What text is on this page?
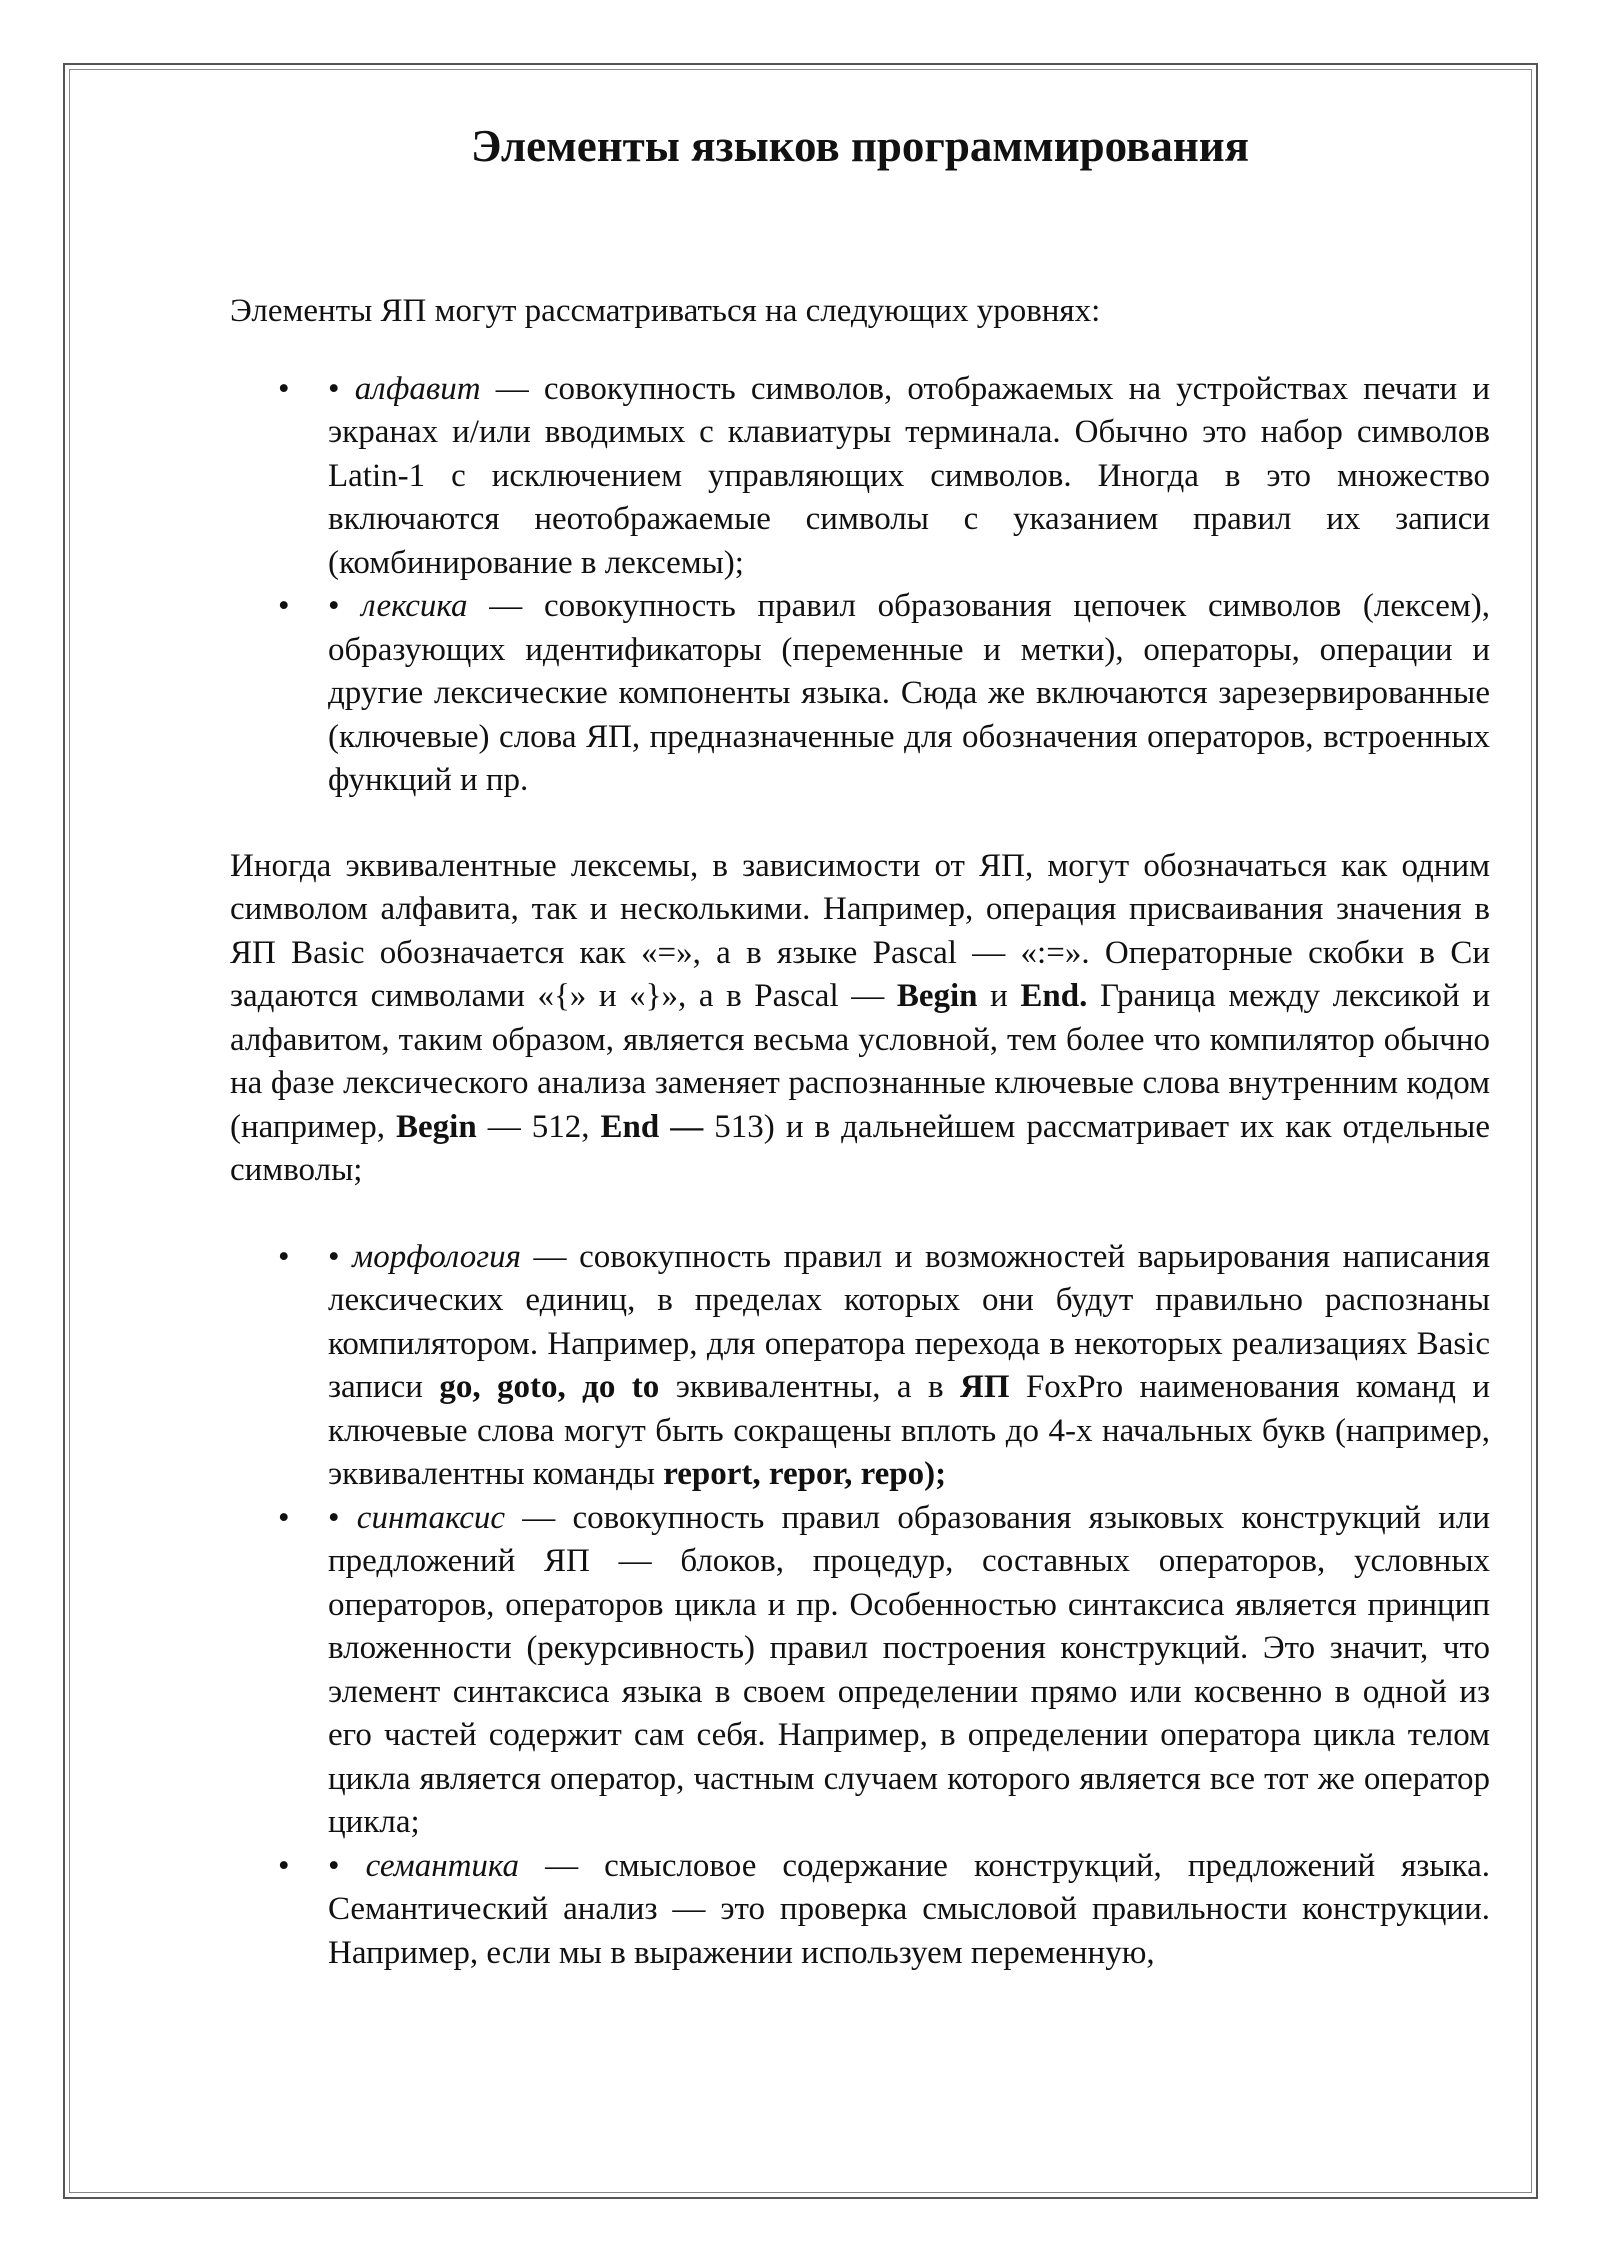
Элементы языков программирования

Элементы ЯП могут рассматриваться на следующих уровнях:

• • алфавит — совокупность символов, отображаемых на устройствах печати и экранах и/или вводимых с клавиатуры терминала. Обычно это набор символов Latin-1 с исключением управляющих символов. Иногда в это множество включаются неотображаемые символы с указанием правил их записи (комбинирование в лексемы);
• • лексика — совокупность правил образования цепочек символов (лексем), образующих идентификаторы (переменные и метки), операторы, операции и другие лексические компоненты языка. Сюда же включаются зарезервированные (ключевые) слова ЯП, предназначенные для обозначения операторов, встроенных функций и пр.

Иногда эквивалентные лексемы, в зависимости от ЯП, могут обозначаться как одним символом алфавита, так и несколькими. Например, операция присваивания значения в ЯП Basic обозначается как «=», а в языке Pascal — «:=». Операторные скобки в Си задаются символами «{» и «}», а в Pascal — Begin и End. Граница между лексикой и алфавитом, таким образом, является весьма условной, тем более что компилятор обычно на фазе лексического анализа заменяет распознанные ключевые слова внутренним кодом (например, Begin — 512, End — 513) и в дальнейшем рассматривает их как отдельные символы;

• • морфология — совокупность правил и возможностей варьирования написания лексических единиц, в пределах которых они будут правильно распознаны компилятором. Например, для оператора перехода в некоторых реализациях Basic записи go, goto, до to эквивалентны, а в ЯП FoxPro наименования команд и ключевые слова могут быть сокращены вплоть до 4-х начальных букв (например, эквивалентны команды report, repor, repo);
• • синтаксис — совокупность правил образования языковых конструкций или предложений ЯП — блоков, процедур, составных операторов, условных операторов, операторов цикла и пр. Особенностью синтаксиса является принцип вложенности (рекурсивность) правил построения конструкций. Это значит, что элемент синтаксиса языка в своем определении прямо или косвенно в одной из его частей содержит сам себя. Например, в определении оператора цикла телом цикла является оператор, частным случаем которого является все тот же оператор цикла;
• • семантика — смысловое содержание конструкций, предложений языка. Семантический анализ — это проверка смысловой правильности конструкции. Например, если мы в выражении используем переменную,
